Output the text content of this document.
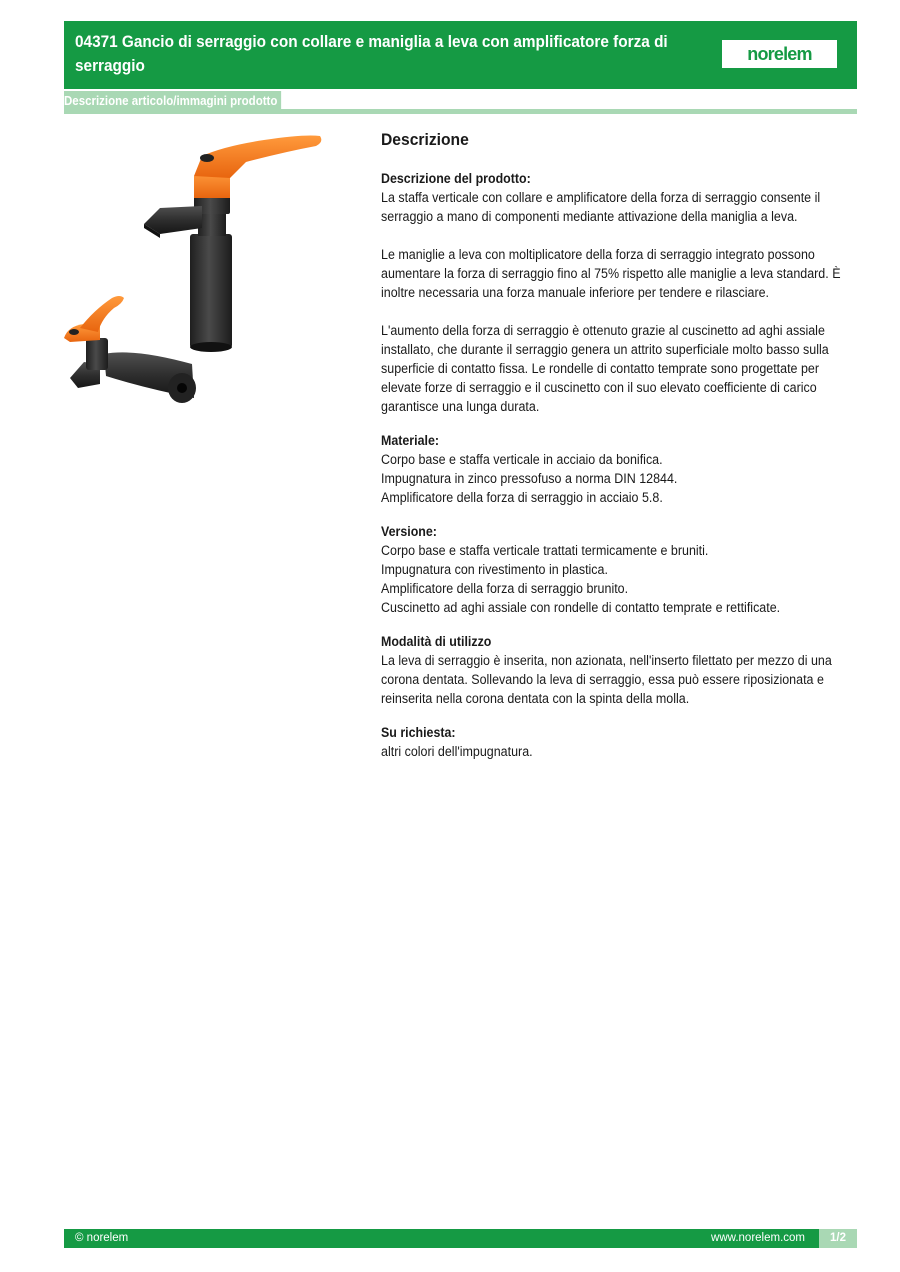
04371 Gancio di serraggio con collare e maniglia a leva con amplificatore forza di serraggio
norelem
Descrizione articolo/immagini prodotto
Descrizione
Descrizione del prodotto:
La staffa verticale con collare e amplificatore della forza di serraggio consente il
serraggio a mano di componenti mediante attivazione della maniglia a leva.
Le maniglie a leva con moltiplicatore della forza di serraggio integrato possono
aumentare la forza di serraggio fino al 75% rispetto alle maniglie a leva standard. È
inoltre necessaria una forza manuale inferiore per tendere e rilasciare.
L'aumento della forza di serraggio è ottenuto grazie al cuscinetto ad aghi assiale
installato, che durante il serraggio genera un attrito superficiale molto basso sulla
superficie di contatto fissa. Le rondelle di contatto temprate sono progettate per
elevate forze di serraggio e il cuscinetto con il suo elevato coefficiente di carico
garantisce una lunga durata.
Materiale:
Corpo base e staffa verticale in acciaio da bonifica.
Impugnatura in zinco pressofuso a norma DIN 12844.
Amplificatore della forza di serraggio in acciaio 5.8.
Versione:
Corpo base e staffa verticale trattati termicamente e bruniti.
Impugnatura con rivestimento in plastica.
Amplificatore della forza di serraggio brunito.
Cuscinetto ad aghi assiale con rondelle di contatto temprate e rettificate.
Modalità di utilizzo
La leva di serraggio è inserita, non azionata, nell'inserto filettato per mezzo di una
corona dentata. Sollevando la leva di serraggio, essa può essere riposizionata e
reinserita nella corona dentata con la spinta della molla.
Su richiesta:
altri colori dell'impugnatura.
© norelem	www.norelem.com	1/2
